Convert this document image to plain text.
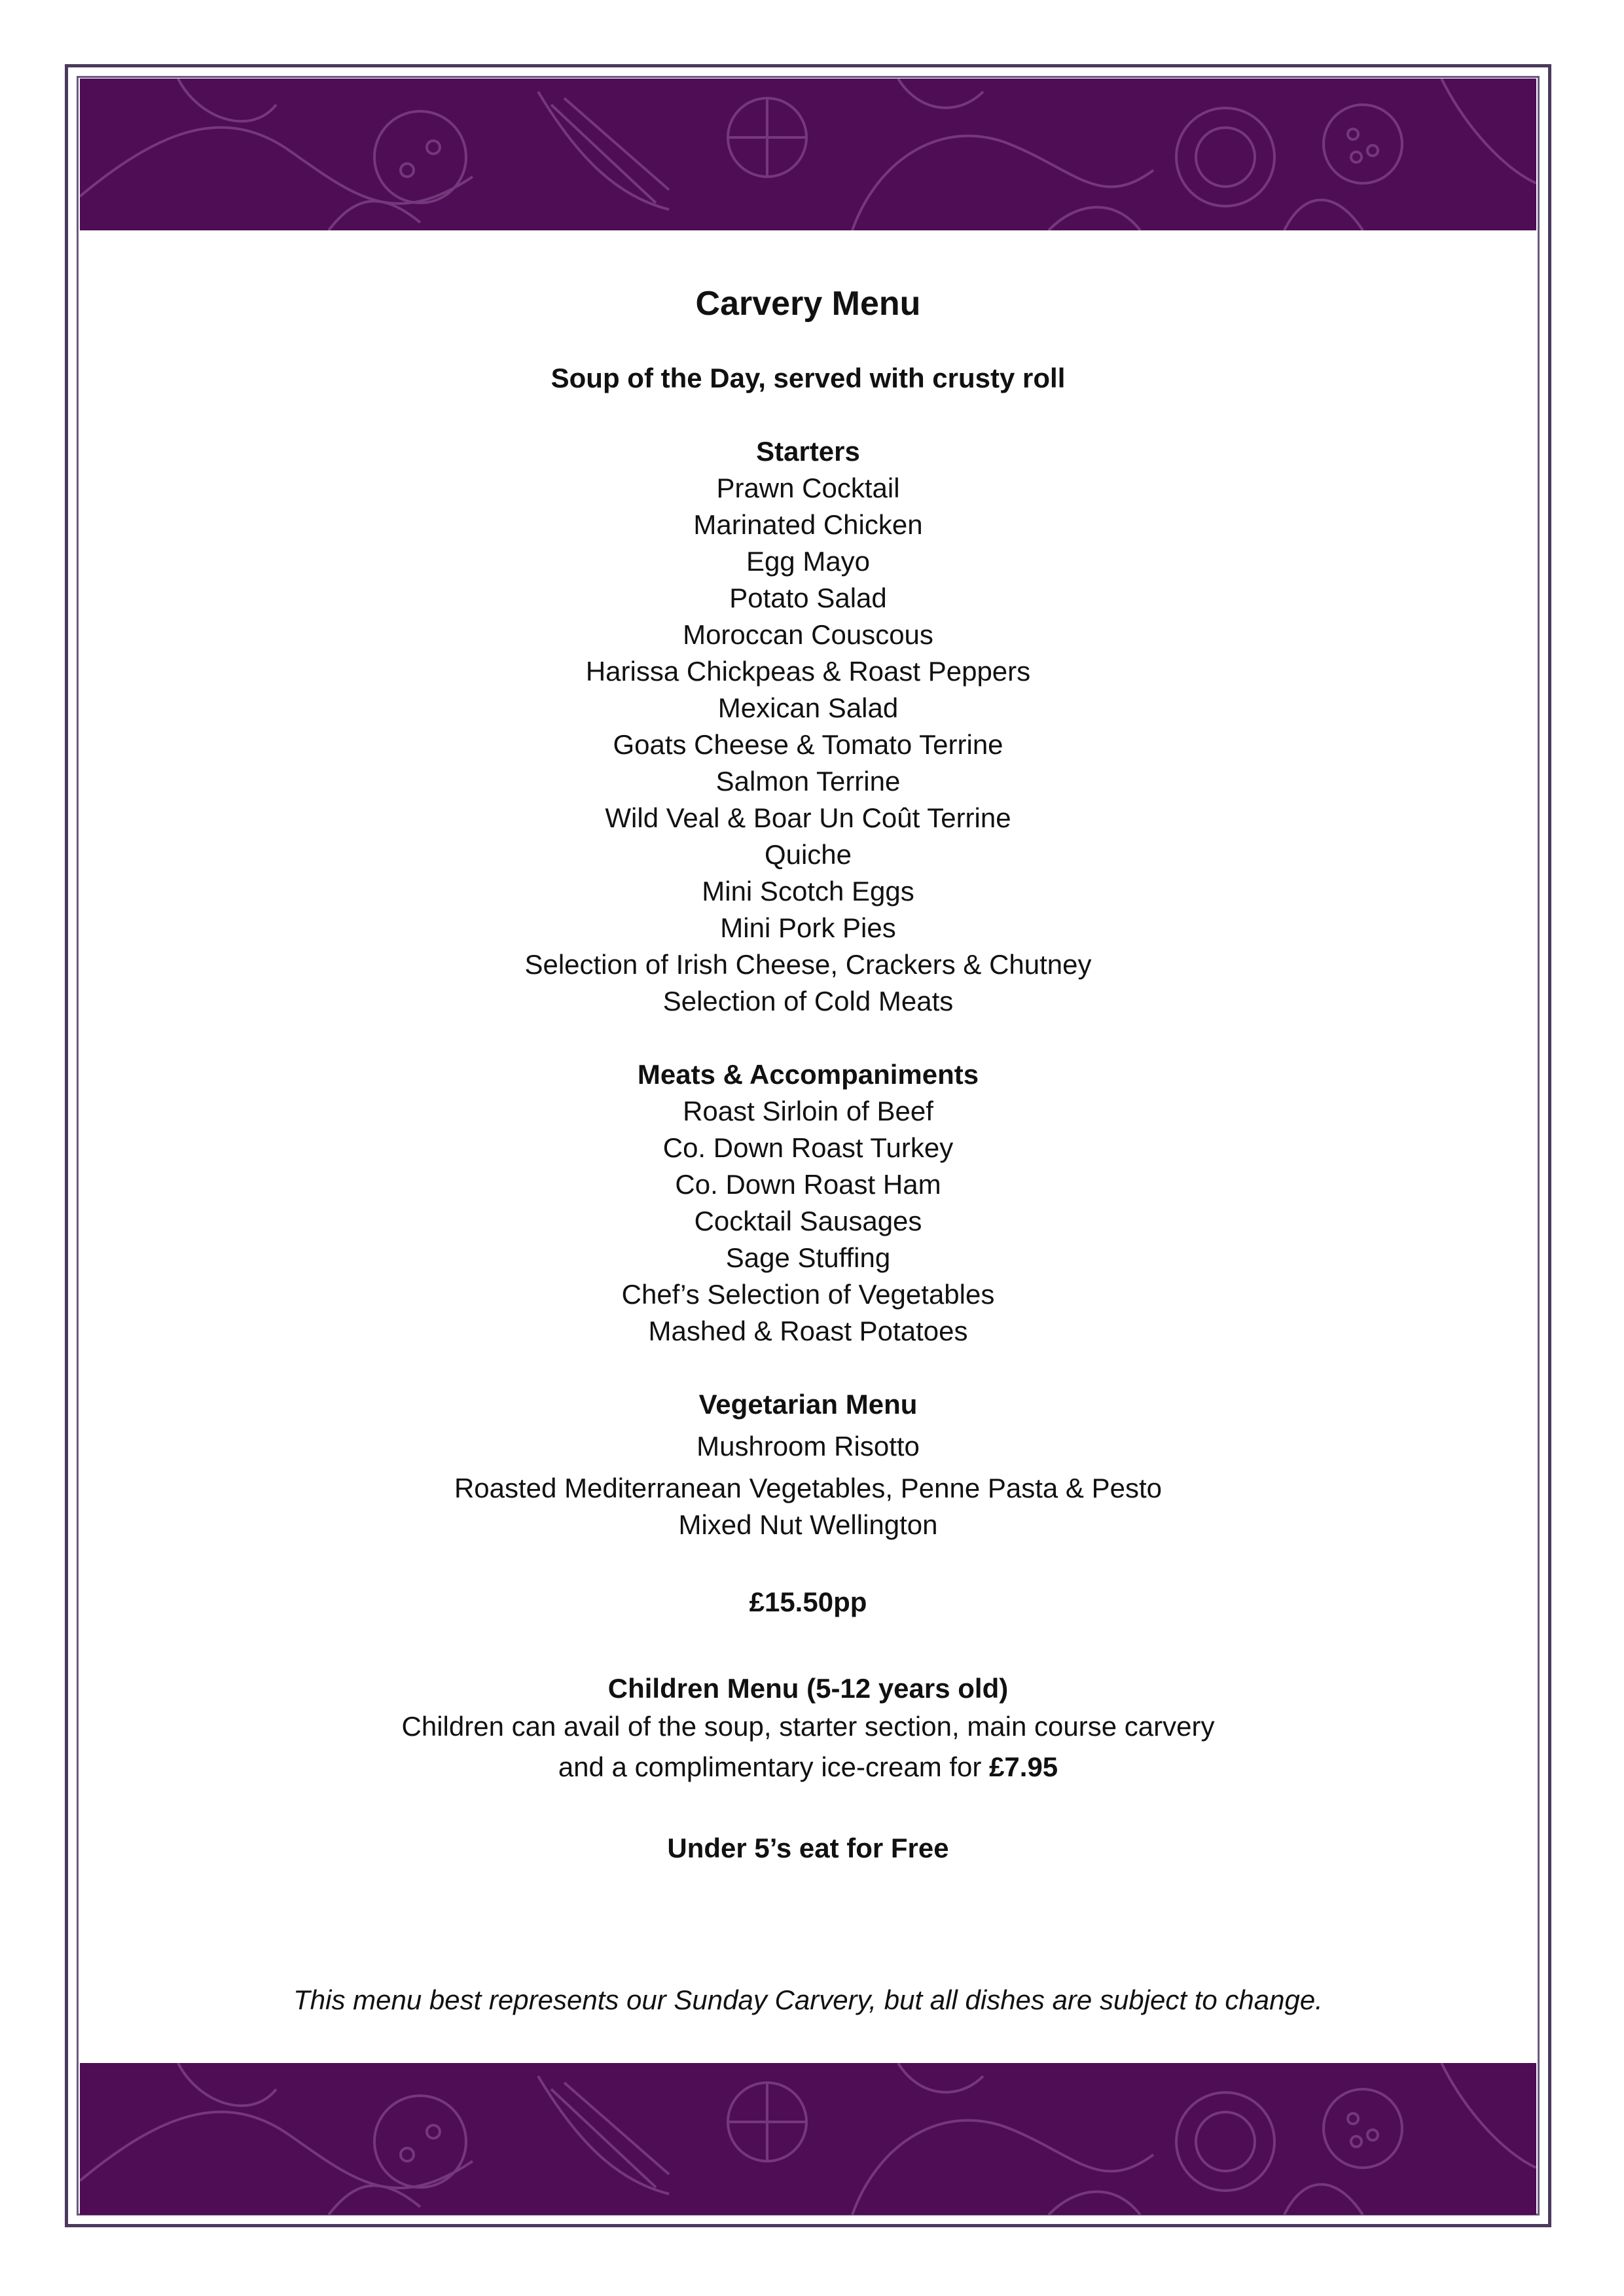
Carvery Menu
Soup of the Day, served with crusty roll
Starters
Prawn Cocktail
Marinated Chicken
Egg Mayo
Potato Salad
Moroccan Couscous
Harissa Chickpeas & Roast Peppers
Mexican Salad
Goats Cheese & Tomato Terrine
Salmon Terrine
Wild Veal & Boar Un Coût Terrine
Quiche
Mini Scotch Eggs
Mini Pork Pies
Selection of Irish Cheese, Crackers & Chutney
Selection of Cold Meats
Meats & Accompaniments
Roast Sirloin of Beef
Co. Down Roast Turkey
Co. Down Roast Ham
Cocktail Sausages
Sage Stuffing
Chef’s Selection of Vegetables
Mashed & Roast Potatoes
Vegetarian Menu
Mushroom Risotto
Roasted Mediterranean Vegetables, Penne Pasta & Pesto
Mixed Nut Wellington
£15.50pp
Children Menu (5-12 years old)
Children can avail of the soup, starter section, main course carvery
and a complimentary ice-cream for £7.95
Under 5’s eat for Free
This menu best represents our Sunday Carvery, but all dishes are subject to change.
